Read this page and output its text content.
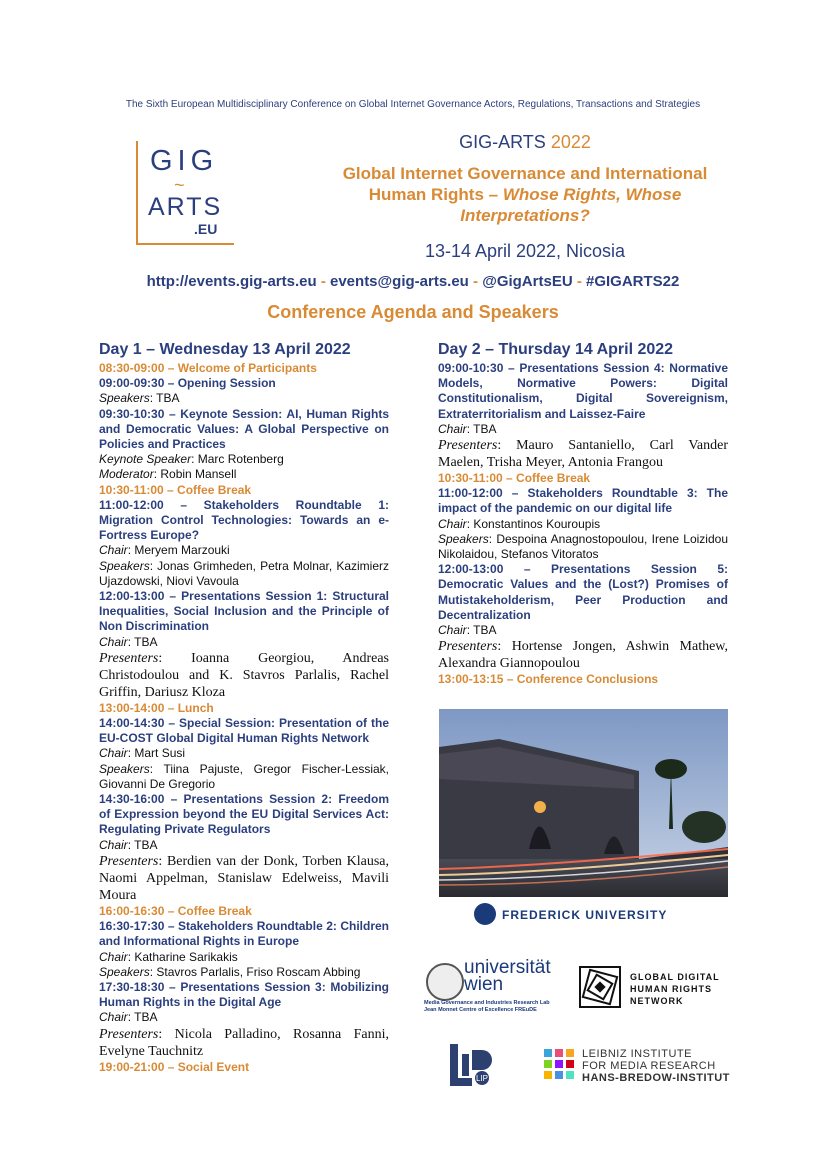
The Sixth European Multidisciplinary Conference on Global Internet Governance Actors, Regulations, Transactions and Strategies
GIG
~
ARTS
.EU
GIG-ARTS 2022
Global Internet Governance and International
Human Rights – Whose Rights, Whose
Interpretations?
13-14 April 2022, Nicosia
http://events.gig-arts.eu - events@gig-arts.eu - @GigArtsEU - #GIGARTS22
Conference Agenda and Speakers
Day 1 – Wednesday 13 April 2022
08:30-09:00 – Welcome of Participants
09:00-09:30 – Opening Session
Speakers: TBA
09:30-10:30 – Keynote Session: AI, Human Rights and Democratic Values: A Global Perspective on Policies and Practices
Keynote Speaker: Marc Rotenberg
Moderator: Robin Mansell
10:30-11:00 – Coffee Break
11:00-12:00 – Stakeholders Roundtable 1: Migration Control Technologies: Towards an e-Fortress Europe?
Chair: Meryem Marzouki
Speakers: Jonas Grimheden, Petra Molnar, Kazimierz Ujazdowski, Niovi Vavoula
12:00-13:00 – Presentations Session 1: Structural Inequalities, Social Inclusion and the Principle of Non Discrimination
Chair: TBA
Presenters: Ioanna Georgiou, Andreas Christodoulou and K. Stavros Parlalis, Rachel Griffin, Dariusz Kloza
13:00-14:00 – Lunch
14:00-14:30 – Special Session: Presentation of the EU-COST Global Digital Human Rights Network
Chair: Mart Susi
Speakers: Tiina Pajuste, Gregor Fischer-Lessiak, Giovanni De Gregorio
14:30-16:00 – Presentations Session 2: Freedom of Expression beyond the EU Digital Services Act: Regulating Private Regulators
Chair: TBA
Presenters: Berdien van der Donk, Torben Klausa, Naomi Appelman, Stanislaw Edelweiss, Mavili Moura
16:00-16:30 – Coffee Break
16:30-17:30 – Stakeholders Roundtable 2: Children and Informational Rights in Europe
Chair: Katharine Sarikakis
Speakers: Stavros Parlalis, Friso Roscam Abbing
17:30-18:30 – Presentations Session 3: Mobilizing Human Rights in the Digital Age
Chair: TBA
Presenters: Nicola Palladino, Rosanna Fanni, Evelyne Tauchnitz
19:00-21:00 – Social Event
Day 2 – Thursday 14 April 2022
09:00-10:30 – Presentations Session 4: Normative Models, Normative Powers: Digital Constitutionalism, Digital Sovereignism, Extraterritorialism and Laissez-Faire
Chair: TBA
Presenters: Mauro Santaniello, Carl Vander Maelen, Trisha Meyer, Antonia Frangou
10:30-11:00 – Coffee Break
11:00-12:00 – Stakeholders Roundtable 3: The impact of the pandemic on our digital life
Chair: Konstantinos Kouroupis
Speakers: Despoina Anagnostopoulou, Irene Loizidou Nikolaidou, Stefanos Vitoratos
12:00-13:00 – Presentations Session 5: Democratic Values and the (Lost?) Promises of Mutistakeholderism, Peer Production and Decentralization
Chair: TBA
Presenters: Hortense Jongen, Ashwin Mathew, Alexandra Giannopoulou
13:00-13:15 – Conference Conclusions
FREDERICK UNIVERSITY
universität wien
Media Governance and Industries Research Lab
Jean Monnet Centre of Excellence FREuDE
GLOBAL DIGITAL
HUMAN RIGHTS
NETWORK
LIP
LEIBNIZ INSTITUTE
FOR MEDIA RESEARCH
HANS-BREDOW-INSTITUT
